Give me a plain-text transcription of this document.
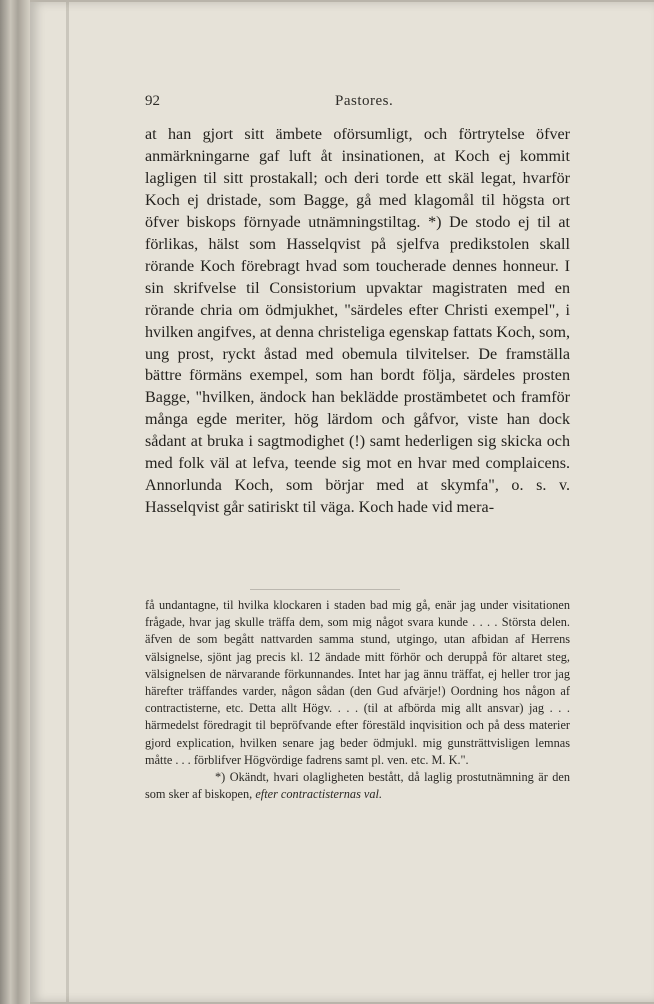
92	Pastores.

at han gjort sitt ämbete oförsumligt, och förtrytelse öfver anmärkningarne gaf luft åt insinationen, at Koch ej kommit lagligen til sitt prostakall; och deri torde ett skäl legat, hvarför Koch ej dristade, som Bagge, gå med klagomål til högsta ort öfver biskops förnyade utnämningstiltag. *) De stodo ej til at förlikas, hälst som Hasselqvist på sjelfva predikstolen skall rörande Koch förebragt hvad som toucherade dennes honneur. I sin skrifvelse til Consistorium upvaktar magistraten med en rörande chria om ödmjukhet, "särdeles efter Christi exempel", i hvilken angifves, at denna christeliga egenskap fattats Koch, som, ung prost, ryckt åstad med obemula tilvitelser. De framställa bättre förmäns exempel, som han bordt följa, särdeles prosten Bagge, "hvilken, ändock han beklädde prostämbetet och framför många egde meriter, hög lärdom och gåfvor, viste han dock sådant at bruka i sagtmodighet (!) samt hederligen sig skicka och med folk väl at lefva, teende sig mot en hvar med complaicens. Annorlunda Koch, som börjar med at skymfa", o. s. v. Hasselqvist går satiriskt til väga. Koch hade vid mera-

få undantagne, til hvilka klockaren i staden bad mig gå, enär jag under visitationen frågade, hvar jag skulle träffa dem, som mig något svara kunde . . . . Största delen. äfven de som begått nattvarden samma stund, utgingo, utan afbidan af Herrens välsignelse, sjönt jag precis kl. 12 ändade mitt förhör och deruppå för altaret steg, välsignelsen de närvarande förkunnandes. Intet har jag ännu träffat, ej heller tror jag härefter träffandes varder, någon sådan (den Gud afvärje!) Oordning hos någon af contractisterne, etc. Detta allt Högv. . . . (til at afbörda mig allt ansvar) jag . . . härmedelst föredragit til bepröfvande efter förestäld inqvisition och på dess materier gjord explication, hvilken senare jag beder ödmjukl. mig gunsträttvisligen lemnas måtte . . . förblifver Högvördige fadrens samt pl. ven. etc. M. K.".

*) Okändt, hvari olagligheten bestått, då laglig prostutnämning är den som sker af biskopen, efter contractisternas val.
